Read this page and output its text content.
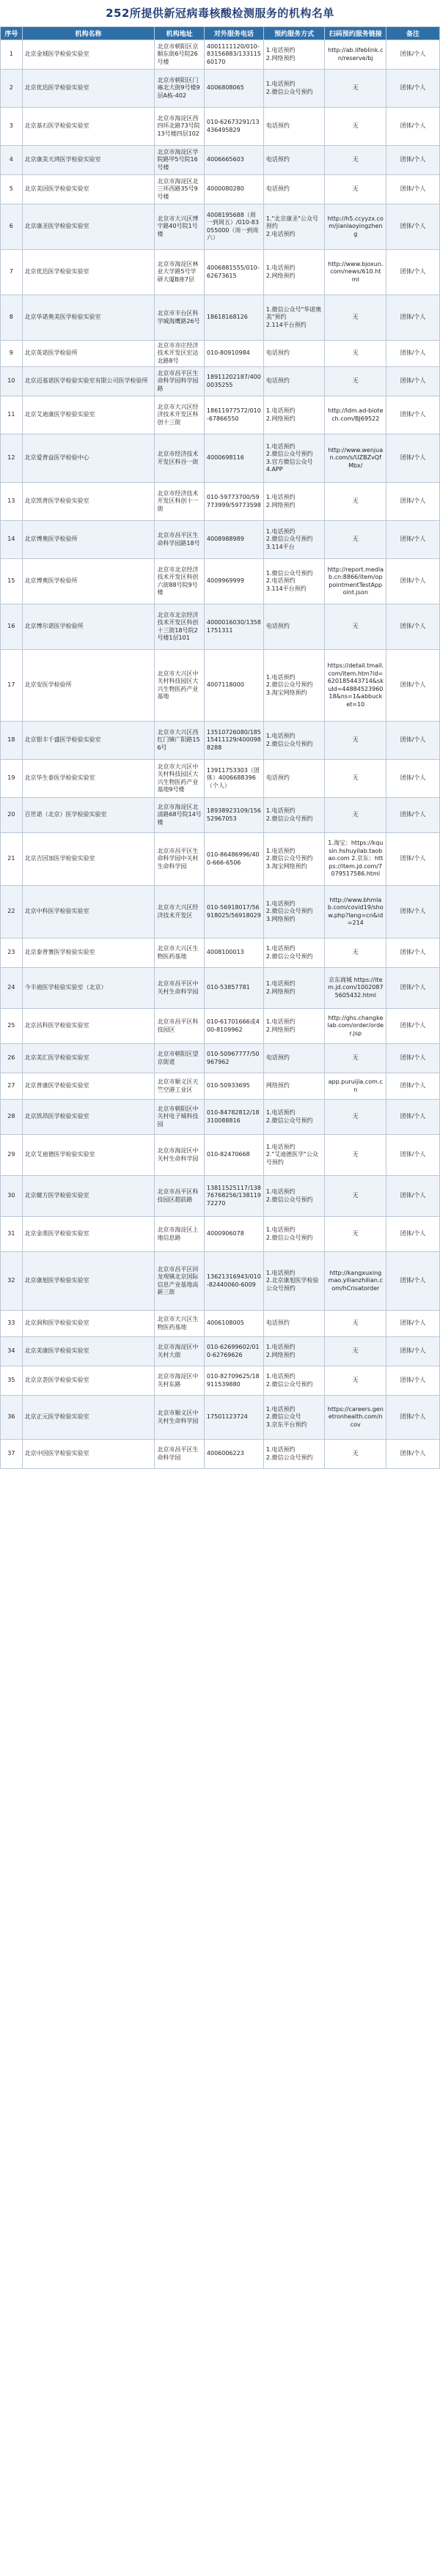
252所提供新冠病毒核酸检测服务的机构名单
序号	机构名称	机构地址	对外服务电话	预约服务方式	扫码预约服务链接	备注
1	北京金域医学检验实验室	北京市朝阳区京顺东街6号院26号楼	4001111120/010-83156883/13311560170	1.电话预约
2.网络预约	http://ab.lifeblink.cn/reserve/bj	团体/个人
2	北京优迅医学检验实验室	北京市朝阳区门雍北大街9号楼9层A栋-402	4006808065	1.电话预约
2.微信公众号预约	无	团体/个人
3	北京基石医学检验实验室	北京市海淀区西四环北路73号院13号楼四层102	010-62673291/13436495829	电话预约	无	团体/个人
4	北京康美天鸿医学检验实验室	北京市海淀区学院路甲5号院16号楼	4006665603	电话预约	无	团体/个人
5	北京美因医学检验实验室	北京市海淀区北三环西路35号9号楼	4000080280	电话预约	无	团体/个人
6	北京康圣医学检验实验室	北京市大兴区博宇路40号院1号楼	4008195688（周一到周五）/010-83055000（周一到周六）	1."北京康圣"公众号预约
2.电话预约	http://h5.ccyyzx.com/jianlaoyingzheng	团体/个人
7	北京优迅医学检验实验室	北京市海淀区林业大学路5号学研大厦B座7层	4006881555/010-62673615	1.电话预约
2.网络预约	http://www.bjoxun.com/news/610.html	团体/个人
8	北京华诺奥美医学检验实验室	北京市丰台区科学城海鹰路26号	18618168126	1.微信公众号"华诺奥美"预约
2.114平台预约	无	团体/个人
9	北京英诺医学检验所	北京市亦庄经济技术开发区宏达北路8号	010-80910984	电话预约	无	团体/个人
10	北京迈基诺医学检验实验室有限公司医学检验所	北京市昌平区生命科学园科学园路	18911202187/4000035255	电话预约	无	团体/个人
11	北京艾迪康医学检验实验室	北京市大兴区经济技术开发区科创十三街	18611977572/010-67866550	1.电话预约
2.网络预约	http://ldm.ad-biotech.com/BJ69522	团体/个人
12	北京爱普益医学检验中心	北京市经济技术开发区科谷一街	4000698116	1.电话预约
2.微信公众号预约
3.官方微信公众号
4.APP	http://www.wenjuan.com/s/UZBZvQfMbx/	团体/个人
13	北京凯普医学检验实验室	北京市经济技术开发区科创十一街	010-59773700/59773999/59773598	1.电话预约
2.网络预约	无	团体/个人
14	北京博奥医学检验所	北京市昌平区生命科学园路18号	4008988989	1.电话预约
2.微信公众号预约
3.114平台	无	团体/个人
15	北京博奥医学检验所	北京市北京经济技术开发区科创六街88号院9号楼	4009969999	1.微信公众号预约
2.电话预约
3.114平台预约	http://report.medlab.cn:8866/item/oppointmentTestAppoint.json	团体/个人
16	北京博尔诺医学检验所	北京市北京经济技术开发区科创十三街18号院2号楼1层101	4000016030/13581751311	电话预约	无	团体/个人
17	北京安医学检验所	北京市大兴区中关村科技园区大兴生物医药产业基地	4007118000	1.电话预约
2.微信公众号预约
3.淘宝网络预约	https://detail.tmall.com/item.htm?id=620185443714&skuId=4488452396018&ns=1&abbucket=10	团体/个人
18	北京银丰千盛医学检验实验室	北京市大兴区西红门镇广阳路156号	13510726080/18515411129/4000988288	1.电话预约
2.微信公众号预约	无	团体/个人
19	北京华生泰医学检验实验室	北京市大兴区中关村科技园区大兴生物医药产业基地9号楼	13911753303（团体）4006688396（个人）	电话预约	无	团体/个人
20	百世诺（北京）医学检验实验室	北京市海淀区北清路68号院14号楼	18938923109/15652967053	1.电话预约
2.微信公众号预约	无	团体/个人
21	北京吉因加医学检验实验室	北京市昌平区生命科学园中关村生命科学园	010-86486996/400-666-6506	1.电话预约
2.微信公众号预约
3.淘宝网络预约	1.淘宝：https://kqusin.hshuyilab.taobao.com 2.京东：https://item.jd.com/7079517586.html	团体/个人
22	北京中科医学检验实验室	北京市大兴区经济技术开发区	010-56918017/56918025/56918029	1.电话预约
2.微信公众号预约
3.网络预约	http://www.bhmlab.com/covid19/show.php?lang=cn&id=214	团体/个人
23	北京泰普赛医学检验实验室	北京市大兴区生物医药基地	4008100013	1.电话预约
2.微信公众号预约	无	团体/个人
24	今丰迪医学检验实验室（北京）	北京市昌平区中关村生命科学园	010-53857781	1.电话预约
2.网络预约	京东商城 https://item.jd.com/10020875605432.html	团体/个人
25	北京昌科医学检验实验室	北京市昌平区科技园区	010-61701666或400-8109962	1.电话预约
2.网络预约	http://ghs.changkelab.com/order/order.jsp	团体/个人
26	北京美汇医学检验实验室	北京市朝阳区望京街道	010-50967777/50967962	电话预约	无	团体/个人
27	北京普康医学检验实验室	北京市顺义区天竺空港工业区	010-50933695	网络预约	app.puruijia.com.cn	团体/个人
28	北京凯昂医学检验实验室	北京市朝阳区中关村电子城科技园	010-84782812/18310088816	1.电话预约
2.微信公众号预约	无	团体/个人
29	北京艾迪德医学检验实验室	北京市海淀区中关村生命科学园	010-82470668	1.电话预约
2."艾迪德医学"公众号预约	无	团体/个人
30	北京健方医学检验实验室	北京市昌平区科技园区超前路	13811525117/13876768256/13811972270	1.电话预约
2.微信公众号预约	无	团体/个人
31	北京金准医学检验实验室	北京市海淀区上地信息路	4000906078	1.电话预约
2.微信公众号预约	无	团体/个人
32	北京康旭医学检验实验室	北京市昌平区回龙观镇北京国际信息产业基地高新三街	13621316943/010-82440060-6009	1.电话预约
2.北京康旭医学检验公众号预约	http://kangxuxingmao.yilianzhilian.com/hCrisatorder	团体/个人
33	北京润和医学检验实验室	北京市大兴区生物医药基地	4006108005	电话预约	无	团体/个人
34	北京美康医学检验实验室	北京市海淀区中关村大街	010-62699602/010-62769626	1.电话预约
2.网络预约	无	团体/个人
35	北京京荟医学检验实验室	北京市海淀区中关村东路	010-82709625/18911539880	1.电话预约
2.微信公众号预约	无	团体/个人
36	北京正元医学检验实验室	北京市顺义区中关村生命科学园	17501123724	1.电话预约
2.微信公众号
3.京东平台预约	https://careers.genetronhealth.com/ncov	团体/个人
37	北京中因医学检验实验室	北京市昌平区生命科学园	4006006223	1.电话预约
2.微信公众号预约	无	团体/个人
